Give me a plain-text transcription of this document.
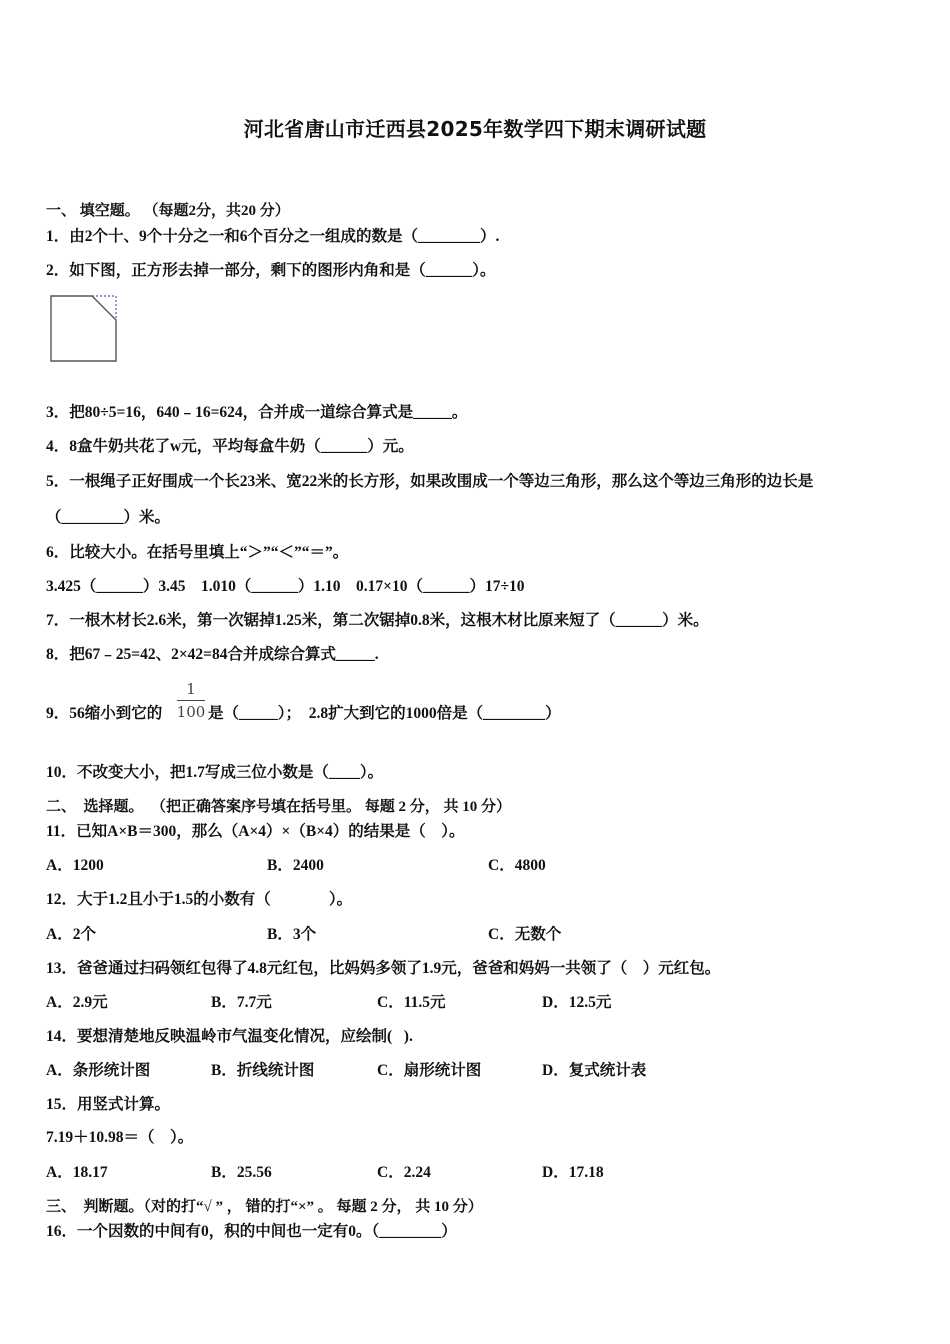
河北省唐山市迁西县2025年数学四下期末调研试题
一、 填空题。 （每题2分，共20 分）
1．由2个十、9个十分之一和6个百分之一组成的数是（________）.
2．如下图，正方形去掉一部分，剩下的图形内角和是（______）。
3．把80÷5=16，640﹣16=624，合并成一道综合算式是_____。
4．8盒牛奶共花了w元，平均每盒牛奶（______）元。
5．一根绳子正好围成一个长23米、宽22米的长方形，如果改围成一个等边三角形，那么这个等边三角形的边长是
（________）米。
6．比较大小。在括号里填上“＞”“＜”“＝”。
3.425（______）3.45    1.010（______）1.10    0.17×10（______）17÷10
7．一根木材长2.6米，第一次锯掉1.25米，第二次锯掉0.8米，这根木材比原来短了（______）米。
8．把67﹣25=42、2×42=84合并成综合算式_____.
9．56缩小到它的
1
100 是（_____）；  2.8扩大到它的1000倍是（________）
10．不改变大小，把1.7写成三位小数是（____）。
二、  选择题。  （把正确答案序号填在括号里。 每题 2 分， 共 10 分）
11．已知A×B＝300，那么（A×4）×（B×4）的结果是（    ）。
A．1200	B．2400	C．4800
12．大于1.2且小于1.5的小数有（               ）。
A．2个	B．3个	C．无数个
13．爸爸通过扫码领红包得了4.8元红包，比妈妈多领了1.9元，爸爸和妈妈一共领了（    ）元红包。
A．2.9元	B．7.7元	C．11.5元	D．12.5元
14．要想清楚地反映温岭市气温变化情况，应绘制(   ).
A．条形统计图	B．折线统计图	C．扇形统计图	D．复式统计表
15．用竖式计算。
7.19＋10.98＝（    ）。
A．18.17	B．25.56	C．2.24	D．17.18
三、  判断题。（对的打“√ ” ， 错的打“×” 。 每题 2 分， 共 10 分）
16．一个因数的中间有0，积的中间也一定有0。（________）
